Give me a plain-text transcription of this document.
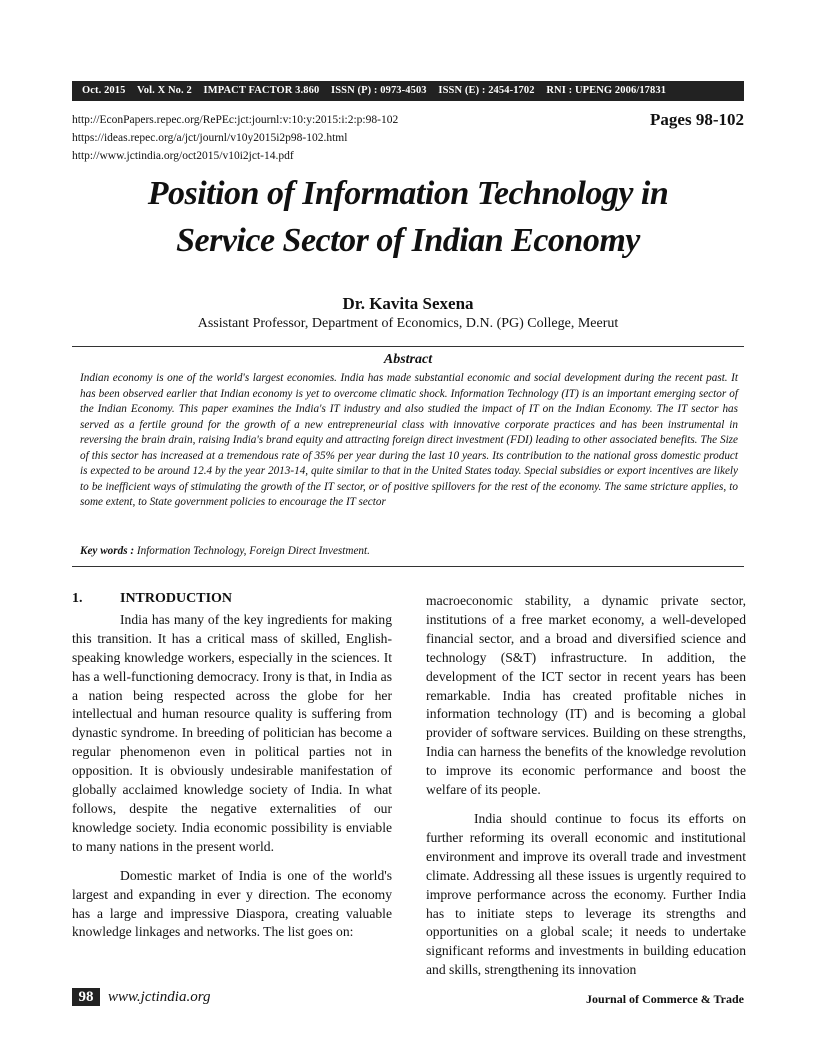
Oct. 2015 Vol. X No. 2 IMPACT FACTOR 3.860 ISSN (P) : 0973-4503 ISSN (E) : 2454-1702 RNI : UPENG 2006/17831
http://EconPapers.repec.org/RePEc:jct:journl:v:10:y:2015:i:2:p:98-102
https://ideas.repec.org/a/jct/journl/v10y2015i2p98-102.html
http://www.jctindia.org/oct2015/v10i2jct-14.pdf
Pages 98-102
Position of Information Technology in
Service Sector of Indian Economy
Dr. Kavita Sexena
Assistant Professor, Department of Economics, D.N. (PG) College, Meerut
Abstract
Indian economy is one of the world's largest economies. India has made substantial economic and social development during the recent past. It has been observed earlier that Indian economy is yet to overcome climatic shock. Information Technology (IT) is an important emerging sector of the Indian Economy. This paper examines the India's IT industry and also studied the impact of IT on the Indian Economy. The IT sector has served as a fertile ground for the growth of a new entrepreneurial class with innovative corporate practices and has been instrumental in reversing the brain drain, raising India's brand equity and attracting foreign direct investment (FDI) leading to other associated benefits. The Size of this sector has increased at a tremendous rate of 35% per year during the last 10 years. Its contribution to the national gross domestic product is expected to be around 12.4 by the year 2013-14, quite similar to that in the United States today. Special subsidies or export incentives are likely to be inefficient ways of stimulating the growth of the IT sector, or of positive spillovers for the rest of the economy. The same stricture applies, to some extent, to State government policies to encourage the IT sector
Key words : Information Technology, Foreign Direct Investment.
1.	INTRODUCTION

India has many of the key ingredients for making this transition. It has a critical mass of skilled, English-speaking knowledge workers, especially in the sciences. It has a well-functioning democracy. Irony is that, in India as a nation being respected across the globe for her intellectual and human resource quality is suffering from dynastic syndrome. In breeding of politician has become a regular phenomenon even in political parties not in opposition. It is obviously undesirable manifestation of globally acclaimed knowledge society of India. In what follows, despite the negative externalities of our knowledge society. India economic possibility is enviable to many nations in the present world.

Domestic market of India is one of the world's largest and expanding in ever y direction. The economy has a large and impressive Diaspora, creating valuable knowledge linkages and networks. The list goes on:

macroeconomic stability, a dynamic private sector, institutions of a free market economy, a well-developed financial sector, and a broad and diversified science and technology (S&T) infrastructure. In addition, the development of the ICT sector in recent years has been remarkable. India has created profitable niches in information technology (IT) and is becoming a global provider of software services. Building on these strengths, India can harness the benefits of the knowledge revolution to improve its economic performance and boost the welfare of its people.

India should continue to focus its efforts on further reforming its overall economic and institutional environment and improve its overall trade and investment climate. Addressing all these issues is urgently required to improve performance across the economy. Further India has to initiate steps to leverage its strengths and opportunities on a global scale; it needs to undertake significant reforms and investments in building education and skills, strengthening its innovation

98 www.jctindia.org	Journal of Commerce & Trade
